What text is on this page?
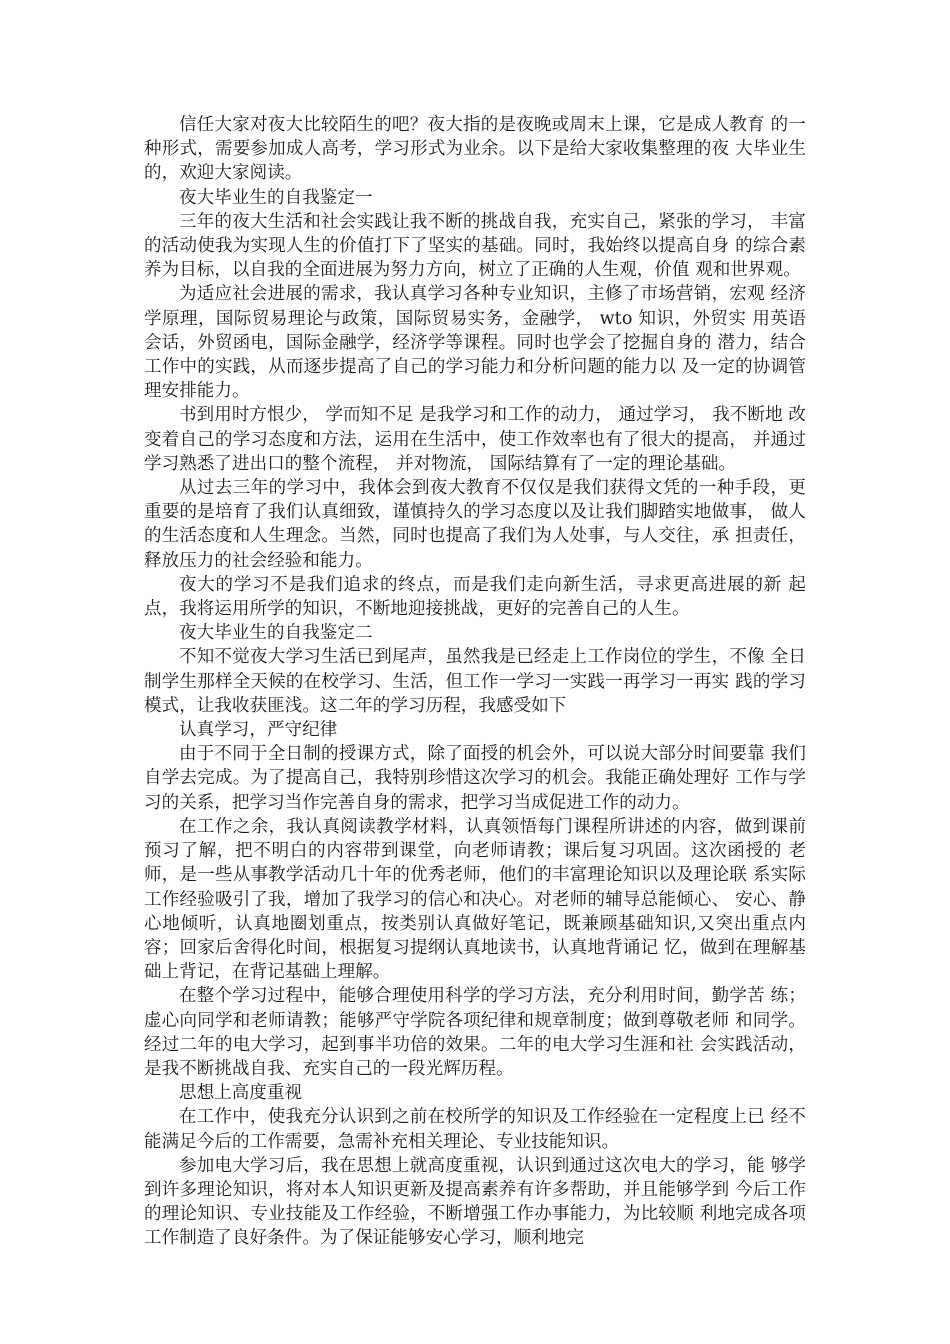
信任大家对夜大比较陌生的吧？夜大指的是夜晚或周末上课，它是成人教育 的一种形式，需要参加成人高考，学习形式为业余。以下是给大家收集整理的夜 大毕业生的，欢迎大家阅读。

夜大毕业生的自我鉴定一

三年的夜大生活和社会实践让我不断的挑战自我，充实自己，紧张的学习， 丰富的活动使我为实现人生的价值打下了坚实的基础。同时，我始终以提高自身 的综合素养为目标，以自我的全面进展为努力方向，树立了正确的人生观，价值 观和世界观。

为适应社会进展的需求，我认真学习各种专业知识，主修了市场营销，宏观 经济学原理，国际贸易理论与政策，国际贸易实务，金融学， wto 知识，外贸实 用英语会话，外贸函电，国际金融学，经济学等课程。同时也学会了挖掘自身的 潜力，结合工作中的实践，从而逐步提高了自己的学习能力和分析问题的能力以 及一定的协调管理安排能力。

书到用时方恨少， 学而知不足 是我学习和工作的动力， 通过学习， 我不断地 改变着自己的学习态度和方法，运用在生活中，使工作效率也有了很大的提高， 并通过学习熟悉了进出口的整个流程， 并对物流， 国际结算有了一定的理论基础。

从过去三年的学习中，我体会到夜大教育不仅仅是我们获得文凭的一种手段，更 重要的是培育了我们认真细致，谨慎持久的学习态度以及让我们脚踏实地做事， 做人的生活态度和人生理念。当然，同时也提高了我们为人处事，与人交往，承 担责任，释放压力的社会经验和能力。

夜大的学习不是我们追求的终点，而是我们走向新生活，寻求更高进展的新 起点，我将运用所学的知识，不断地迎接挑战，更好的完善自己的人生。

夜大毕业生的自我鉴定二

不知不觉夜大学习生活已到尾声，虽然我是已经走上工作岗位的学生，不像 全日制学生那样全天候的在校学习、生活，但工作一学习一实践一再学习一再实 践的学习模式，让我收获匪浅。这二年的学习历程，我感受如下

认真学习，严守纪律

由于不同于全日制的授课方式，除了面授的机会外，可以说大部分时间要靠 我们自学去完成。为了提高自己，我特别珍惜这次学习的机会。我能正确处理好 工作与学习的关系，把学习当作完善自身的需求，把学习当成促进工作的动力。

在工作之余，我认真阅读教学材料，认真领悟每门课程所讲述的内容，做到课前 预习了解，把不明白的内容带到课堂，向老师请教；课后复习巩固。这次函授的 老师，是一些从事教学活动几十年的优秀老师，他们的丰富理论知识以及理论联 系实际工作经验吸引了我，增加了我学习的信心和决心。对老师的辅导总能倾心、 安心、静心地倾听，认真地圈划重点，按类别认真做好笔记，既兼顾基础知识,又突出重点内容；回家后舍得化时间，根据复习提纲认真地读书，认真地背诵记 忆，做到在理解基础上背记，在背记基础上理解。

在整个学习过程中，能够合理使用科学的学习方法，充分利用时间，勤学苦 练；虚心向同学和老师请教；能够严守学院各项纪律和规章制度；做到尊敬老师 和同学。经过二年的电大学习，起到事半功倍的效果。二年的电大学习生涯和社 会实践活动，是我不断挑战自我、充实自己的一段光辉历程。

思想上高度重视

在工作中，使我充分认识到之前在校所学的知识及工作经验在一定程度上已 经不能满足今后的工作需要，急需补充相关理论、专业技能知识。

参加电大学习后，我在思想上就高度重视，认识到通过这次电大的学习，能 够学到许多理论知识，将对本人知识更新及提高素养有许多帮助，并且能够学到 今后工作的理论知识、专业技能及工作经验，不断增强工作办事能力，为比较顺 利地完成各项工作制造了良好条件。为了保证能够安心学习，顺利地完
